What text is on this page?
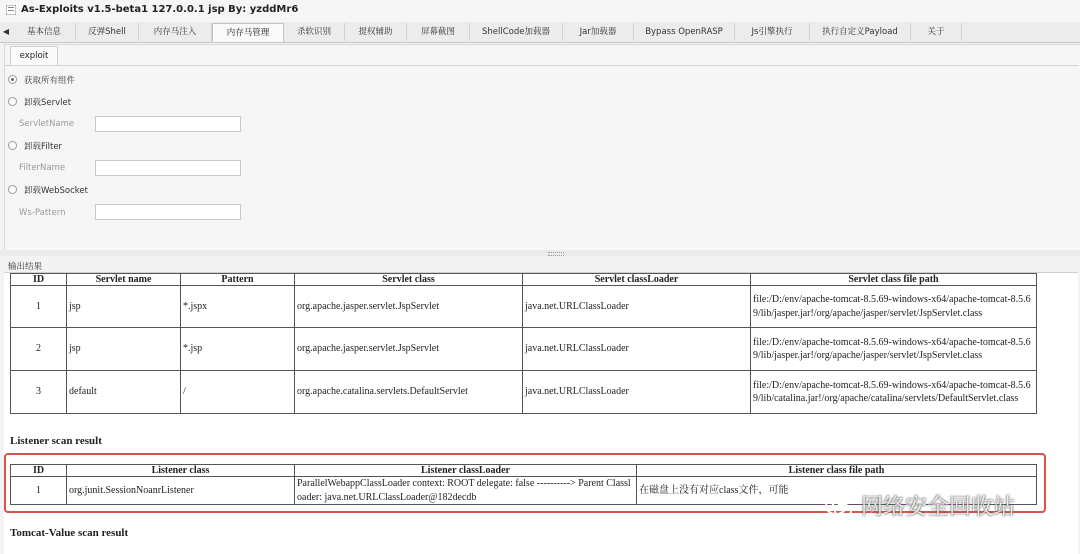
As-Exploits v1.5-beta1 127.0.0.1 jsp By: yzddMr6
◀	基本信息	反弹Shell	内存马注入	内存马管理	杀软识别	提权辅助	屏幕截图	ShellCode加载器	Jar加载器	Bypass OpenRASP	Js引擎执行	执行自定义Payload	关于
exploit
获取所有组件
卸载Servlet
ServletName
卸载Filter
FilterName
卸载WebSocket
Ws-Pattern
输出结果
ID	Servlet name	Pattern	Servlet class	Servlet classLoader	Servlet class file path
1	jsp	*.jspx	org.apache.jasper.servlet.JspServlet	java.net.URLClassLoader	file:/D:/env/apache-tomcat-8.5.69-windows-x64/apache-tomcat-8.5.69/lib/jasper.jar!/org/apache/jasper/servlet/JspServlet.class
2	jsp	*.jsp	org.apache.jasper.servlet.JspServlet	java.net.URLClassLoader	file:/D:/env/apache-tomcat-8.5.69-windows-x64/apache-tomcat-8.5.69/lib/jasper.jar!/org/apache/jasper/servlet/JspServlet.class
3	default	/	org.apache.catalina.servlets.DefaultServlet	java.net.URLClassLoader	file:/D:/env/apache-tomcat-8.5.69-windows-x64/apache-tomcat-8.5.69/lib/catalina.jar!/org/apache/catalina/servlets/DefaultServlet.class
Listener scan result
ID	Listener class	Listener classLoader	Listener class file path
1	org.junit.SessionNoanrListener	ParallelWebappClassLoader context: ROOT delegate: false ----------> Parent Classloader: java.net.URLClassLoader@182decdb	在磁盘上没有对应class文件，可能
Tomcat-Value scan result
网络安全回收站
